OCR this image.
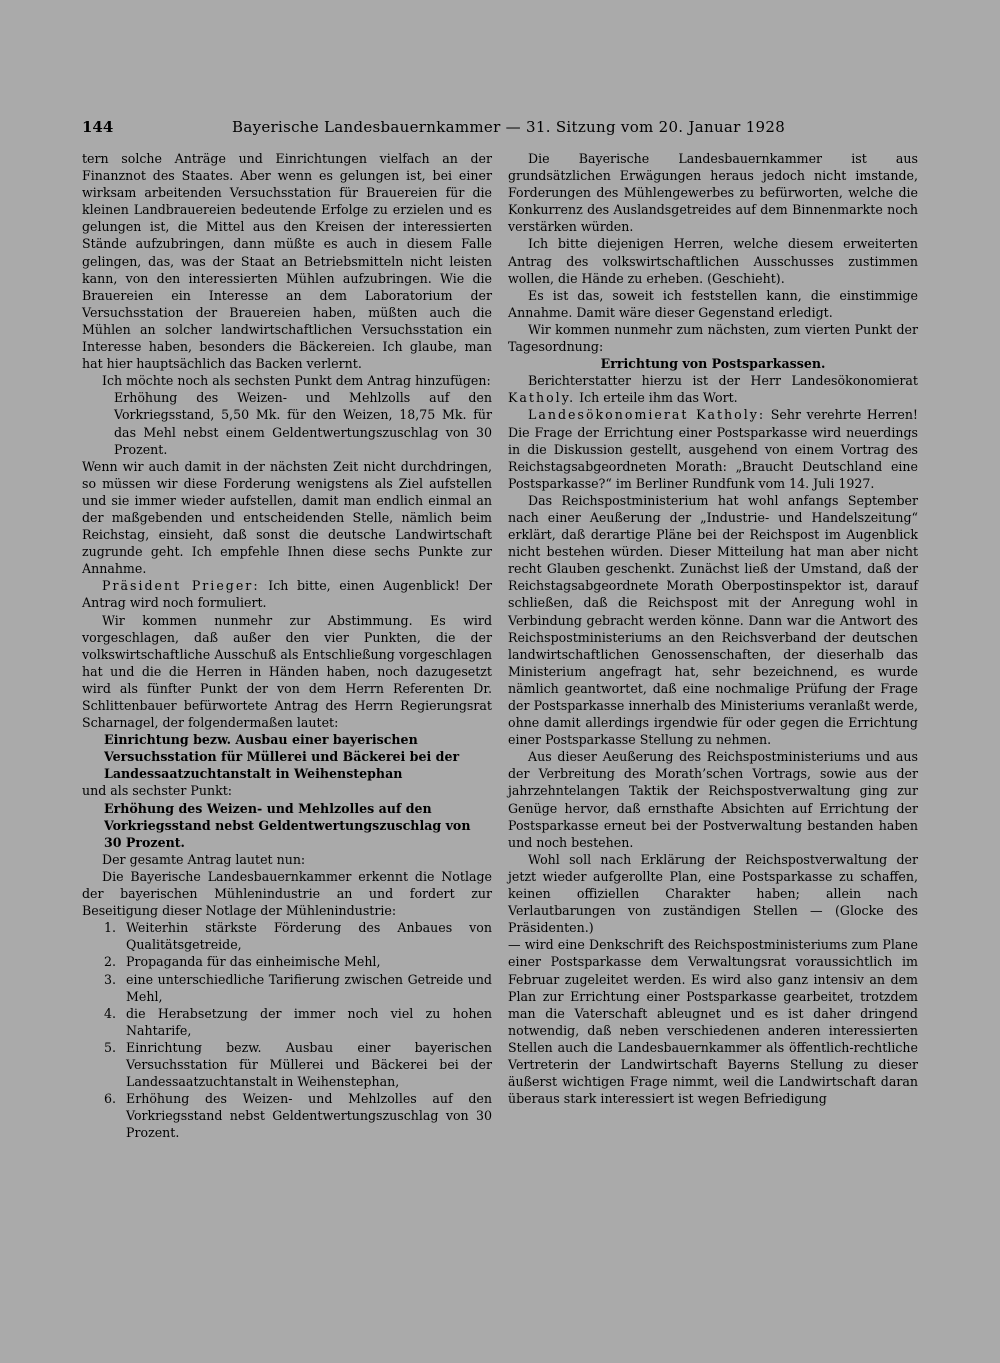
144	Bayerische Landesbauernkammer — 31. Sitzung vom 20. Januar 1928

tern solche Anträge und Einrichtungen vielfach an der Finanznot des Staates. Aber wenn es gelungen ist, bei einer wirksam arbeitenden Versuchsstation für Brauereien für die kleinen Landbrauereien bedeutende Erfolge zu erzielen und es gelungen ist, die Mittel aus den Kreisen der interessierten Stände aufzubringen, dann müßte es auch in diesem Falle gelingen, das, was der Staat an Betriebsmitteln nicht leisten kann, von den interessierten Mühlen aufzubringen. Wie die Brauereien ein Interesse an dem Laboratorium der Versuchsstation der Brauereien haben, müßten auch die Mühlen an solcher landwirtschaftlichen Versuchsstation ein Interesse haben, besonders die Bäckereien. Ich glaube, man hat hier hauptsächlich das Backen verlernt.

Ich möchte noch als sechsten Punkt dem Antrag hinzufügen:

Erhöhung des Weizen- und Mehlzolls auf den Vorkriegsstand, 5,50 Mk. für den Weizen, 18,75 Mk. für das Mehl nebst einem Geldentwertungszuschlag von 30 Prozent.

Wenn wir auch damit in der nächsten Zeit nicht durchdringen, so müssen wir diese Forderung wenigstens als Ziel aufstellen und sie immer wieder aufstellen, damit man endlich einmal an der maßgebenden und entscheidenden Stelle, nämlich beim Reichstag, einsieht, daß sonst die deutsche Landwirtschaft zugrunde geht. Ich empfehle Ihnen diese sechs Punkte zur Annahme.

Präsident Prieger: Ich bitte, einen Augenblick! Der Antrag wird noch formuliert.

Wir kommen nunmehr zur Abstimmung. Es wird vorgeschlagen, daß außer den vier Punkten, die der volkswirtschaftliche Ausschuß als Entschließung vorgeschlagen hat und die die Herren in Händen haben, noch dazugesetzt wird als fünfter Punkt der von dem Herrn Referenten Dr. Schlittenbauer befürwortete Antrag des Herrn Regierungsrat Scharnagel, der folgendermaßen lautet:

Einrichtung bezw. Ausbau einer bayerischen Versuchsstation für Müllerei und Bäckerei bei der Landessaatzuchtanstalt in Weihenstephan

und als sechster Punkt:

Erhöhung des Weizen- und Mehlzolles auf den Vorkriegsstand nebst Geldentwertungszuschlag von 30 Prozent.

Der gesamte Antrag lautet nun:

Die Bayerische Landesbauernkammer erkennt die Notlage der bayerischen Mühlenindustrie an und fordert zur Beseitigung dieser Notlage der Mühlenindustrie:

1. Weiterhin stärkste Förderung des Anbaues von Qualitätsgetreide,
2. Propaganda für das einheimische Mehl,
3. eine unterschiedliche Tarifierung zwischen Getreide und Mehl,
4. die Herabsetzung der immer noch viel zu hohen Nahtarife,
5. Einrichtung bezw. Ausbau einer bayerischen Versuchsstation für Müllerei und Bäckerei bei der Landessaatzuchtanstalt in Weihenstephan,
6. Erhöhung des Weizen- und Mehlzolles auf den Vorkriegsstand nebst Geldentwertungszuschlag von 30 Prozent.

Die Bayerische Landesbauernkammer ist aus grundsätzlichen Erwägungen heraus jedoch nicht imstande, Forderungen des Mühlengewerbes zu befürworten, welche die Konkurrenz des Auslandsgetreides auf dem Binnenmarkte noch verstärken würden.

Ich bitte diejenigen Herren, welche diesem erweiterten Antrag des volkswirtschaftlichen Ausschusses zustimmen wollen, die Hände zu erheben. (Geschieht).

Es ist das, soweit ich feststellen kann, die einstimmige Annahme. Damit wäre dieser Gegenstand erledigt.

Wir kommen nunmehr zum nächsten, zum vierten Punkt der Tagesordnung:

Errichtung von Postsparkassen.

Berichterstatter hierzu ist der Herr Landesökonomierat Katholy. Ich erteile ihm das Wort.

Landesökonomierat Katholy: Sehr verehrte Herren! Die Frage der Errichtung einer Postsparkasse wird neuerdings in die Diskussion gestellt, ausgehend von einem Vortrag des Reichstagsabgeordneten Morath: „Braucht Deutschland eine Postsparkasse?“ im Berliner Rundfunk vom 14. Juli 1927.

Das Reichspostministerium hat wohl anfangs September nach einer Aeußerung der „Industrie- und Handelszeitung“ erklärt, daß derartige Pläne bei der Reichspost im Augenblick nicht bestehen würden. Dieser Mitteilung hat man aber nicht recht Glauben geschenkt. Zunächst ließ der Umstand, daß der Reichstagsabgeordnete Morath Oberpostinspektor ist, darauf schließen, daß die Reichspost mit der Anregung wohl in Verbindung gebracht werden könne. Dann war die Antwort des Reichspostministeriums an den Reichsverband der deutschen landwirtschaftlichen Genossenschaften, der dieserhalb das Ministerium angefragt hat, sehr bezeichnend, es wurde nämlich geantwortet, daß eine nochmalige Prüfung der Frage der Postsparkasse innerhalb des Ministeriums veranlaßt werde, ohne damit allerdings irgendwie für oder gegen die Errichtung einer Postsparkasse Stellung zu nehmen.

Aus dieser Aeußerung des Reichspostministeriums und aus der Verbreitung des Morath’schen Vortrags, sowie aus der jahrzehntelangen Taktik der Reichspostverwaltung ging zur Genüge hervor, daß ernsthafte Absichten auf Errichtung der Postsparkasse erneut bei der Postverwaltung bestanden haben und noch bestehen.

Wohl soll nach Erklärung der Reichspostverwaltung der jetzt wieder aufgerollte Plan, eine Postsparkasse zu schaffen, keinen offiziellen Charakter haben; allein nach Verlautbarungen von zuständigen Stellen — (Glocke des Präsidenten.)

— wird eine Denkschrift des Reichspostministeriums zum Plane einer Postsparkasse dem Verwaltungsrat voraussichtlich im Februar zugeleitet werden. Es wird also ganz intensiv an dem Plan zur Errichtung einer Postsparkasse gearbeitet, trotzdem man die Vaterschaft ableugnet und es ist daher dringend notwendig, daß neben verschiedenen anderen interessierten Stellen auch die Landesbauernkammer als öffentlich-rechtliche Vertreterin der Landwirtschaft Bayerns Stellung zu dieser äußerst wichtigen Frage nimmt, weil die Landwirtschaft daran überaus stark interessiert ist wegen Befriedigung
